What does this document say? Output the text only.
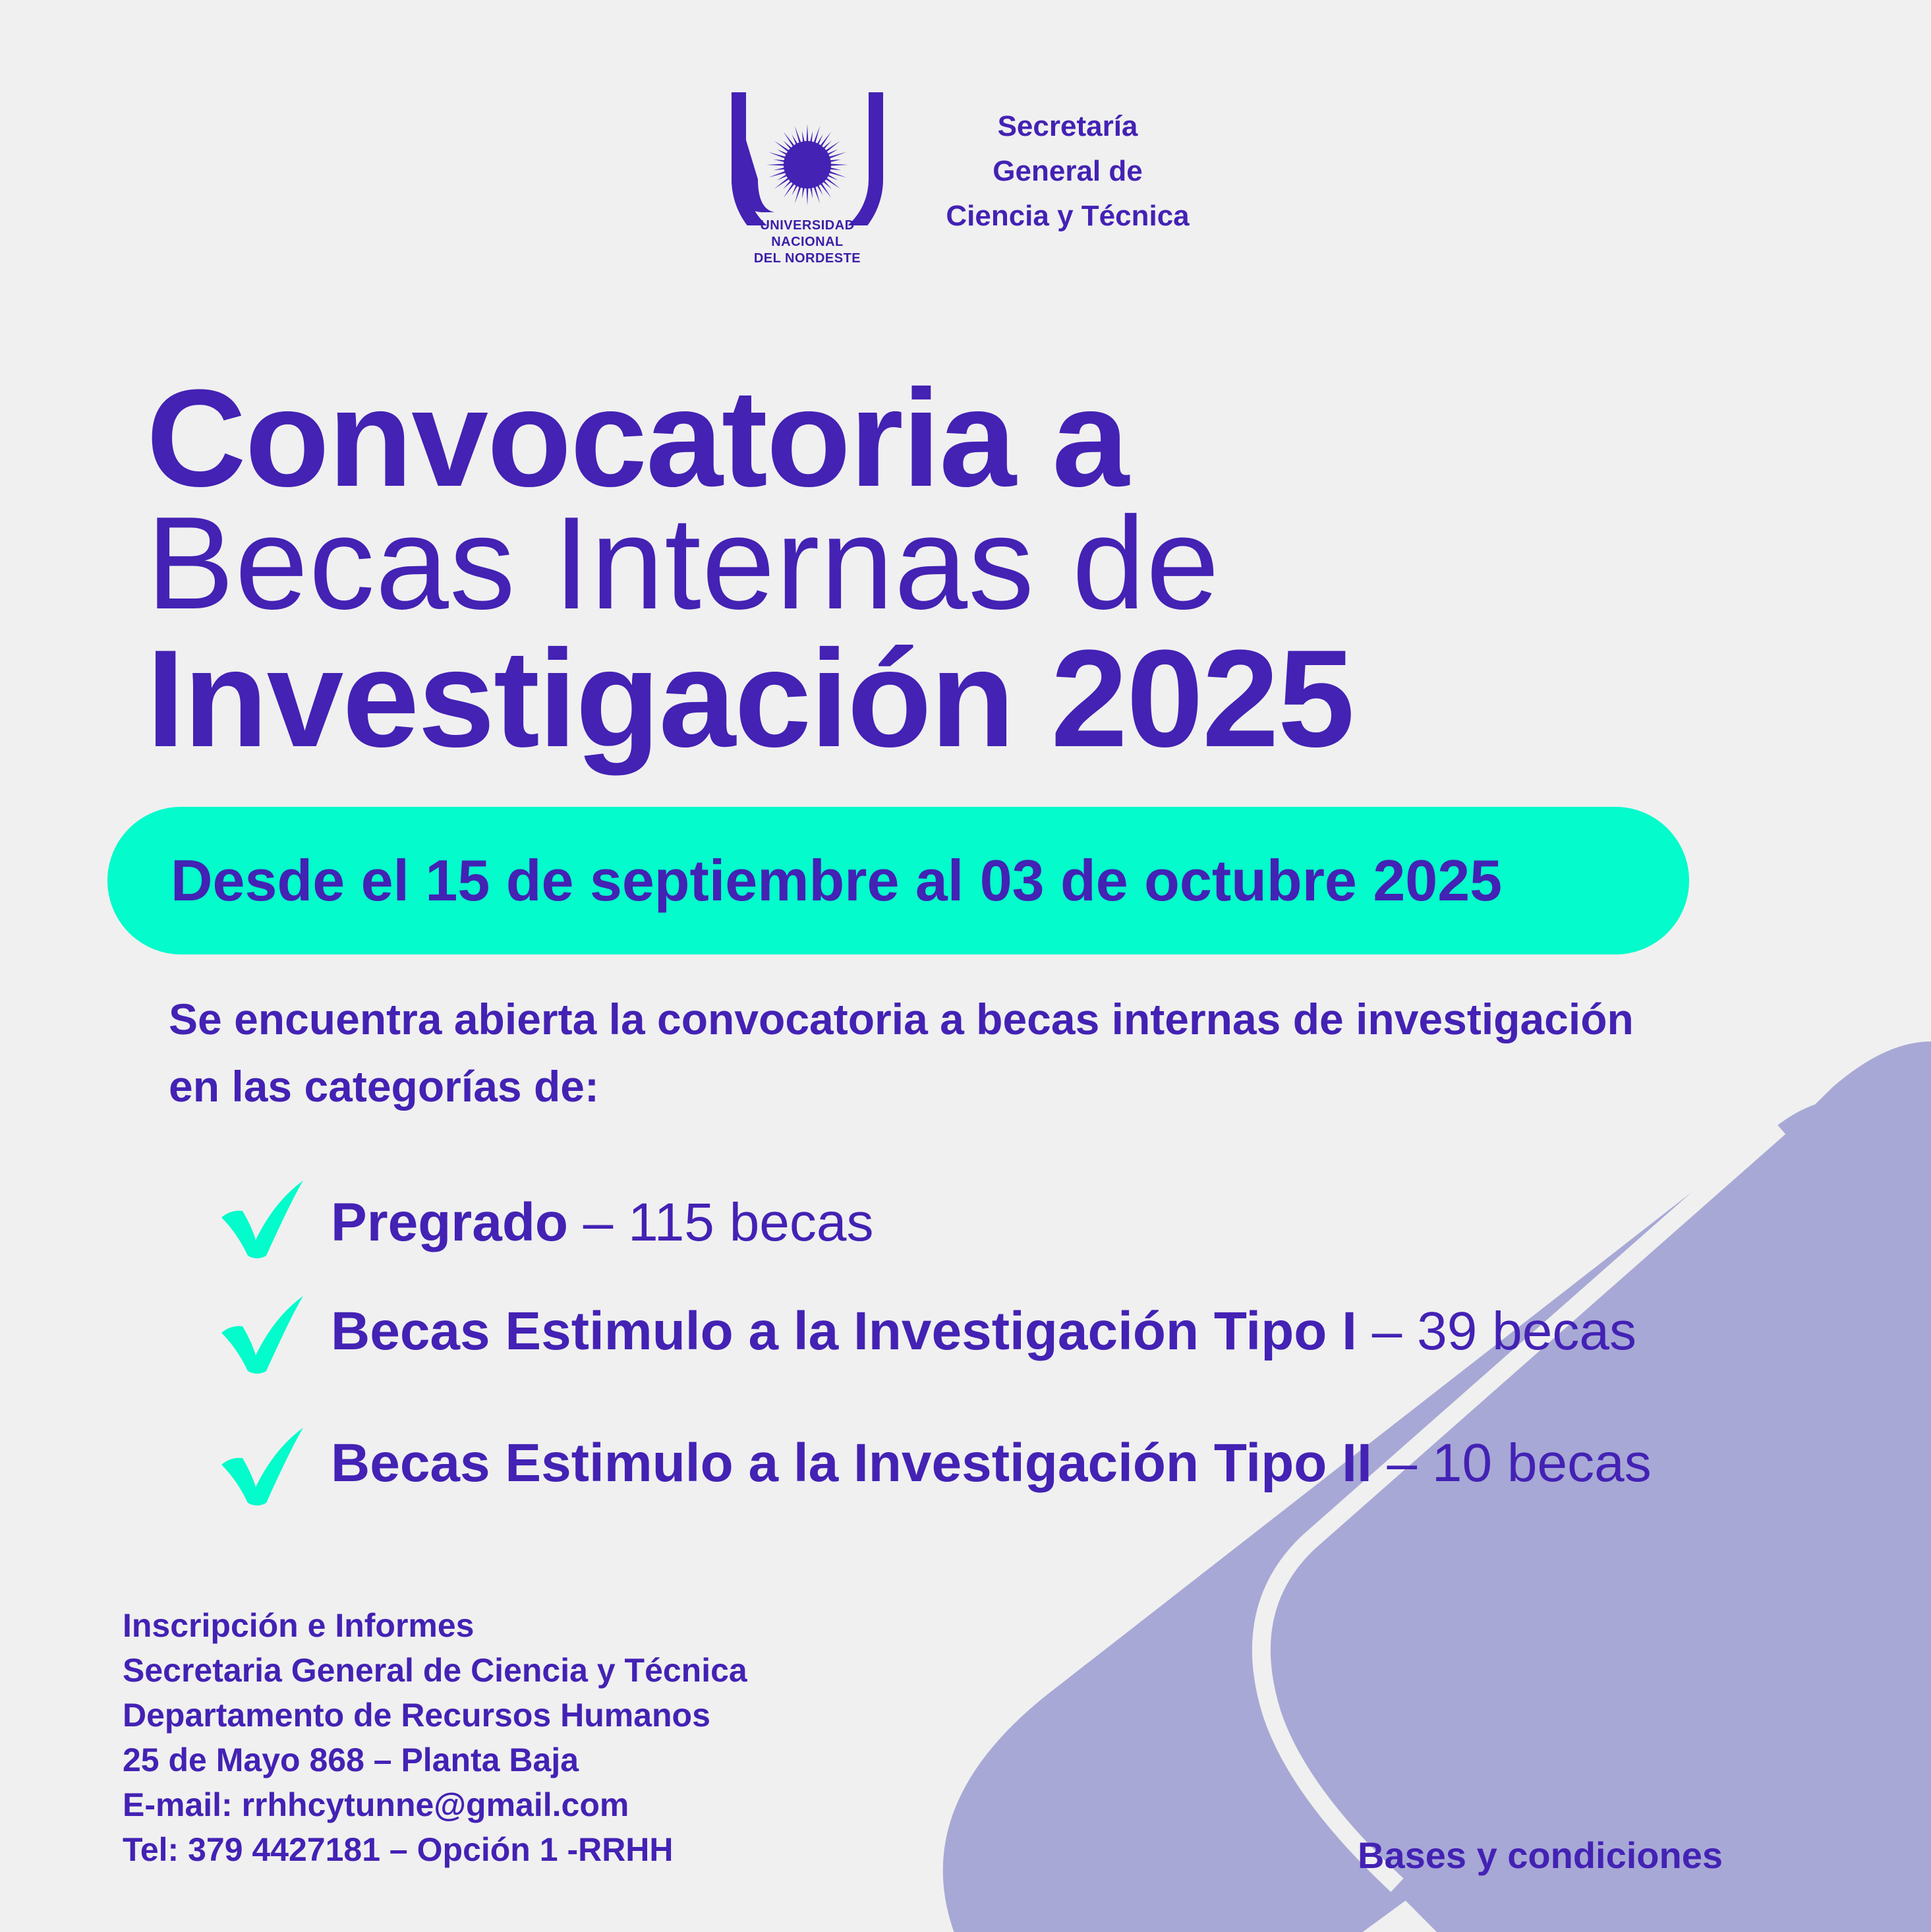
UNIVERSIDAD
NACIONAL
DEL NORDESTE
Secretaría
General de
Ciencia y Técnica
Convocatoria a
Becas Internas de
Investigación 2025
Desde el 15 de septiembre al 03 de octubre 2025
Se encuentra abierta la convocatoria a becas internas de investigación en las categorías de:
Pregrado – 115 becas
Becas Estimulo a la Investigación Tipo I – 39 becas
Becas Estimulo a la Investigación Tipo II – 10 becas
Inscripción e Informes
Secretaria General de Ciencia y Técnica
Departamento de Recursos Humanos
25 de Mayo 868 – Planta Baja
E-mail: rrhhcytunne@gmail.com
Tel: 379 4427181 – Opción 1 -RRHH	Bases y condiciones
